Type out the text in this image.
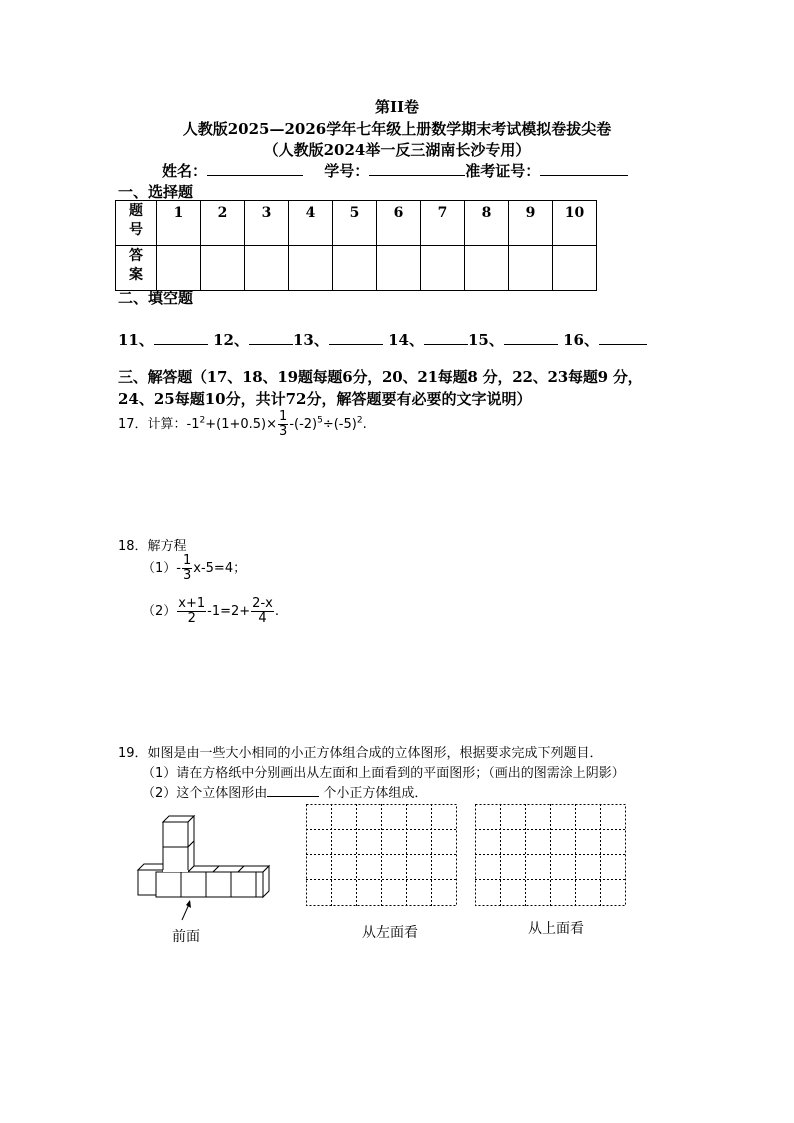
第II卷
人教版2025—2026学年七年级上册数学期末考试模拟卷拔尖卷
（人教版2024举一反三湖南长沙专用）
姓名：	学号：	准考证号：
一、选择题
题
号	1	2	3	4	5	6	7	8	9	10

答
案										

二、填空题
11、	12、	13、	14、	15、	16、
三、解答题（17、18、19题每题6分，20、21每题8 分，22、23每题9 分，
24、25每题10分，共计72分，解答题要有必要的文字说明）
17．计算：$-1^2+(1+0.5)\times \frac{1}{3} -(-2)^5\div(-5)^2$.
18．解方程
$(1)- \frac{1}{3} x-5=4$；
$(2) \frac{x+1}{2} -1=2+ \frac{2-x}{4}$ .
19．如图是由一些大小相同的小正方体组合成的立体图形，根据要求完成下列题目．
（1）请在方格纸中分别画出从左面和上面看到的平面图形；（画出的图需涂上阴影）
（2）这个立体图形由	个小正方体组成．
前面	从左面看	从上面看
